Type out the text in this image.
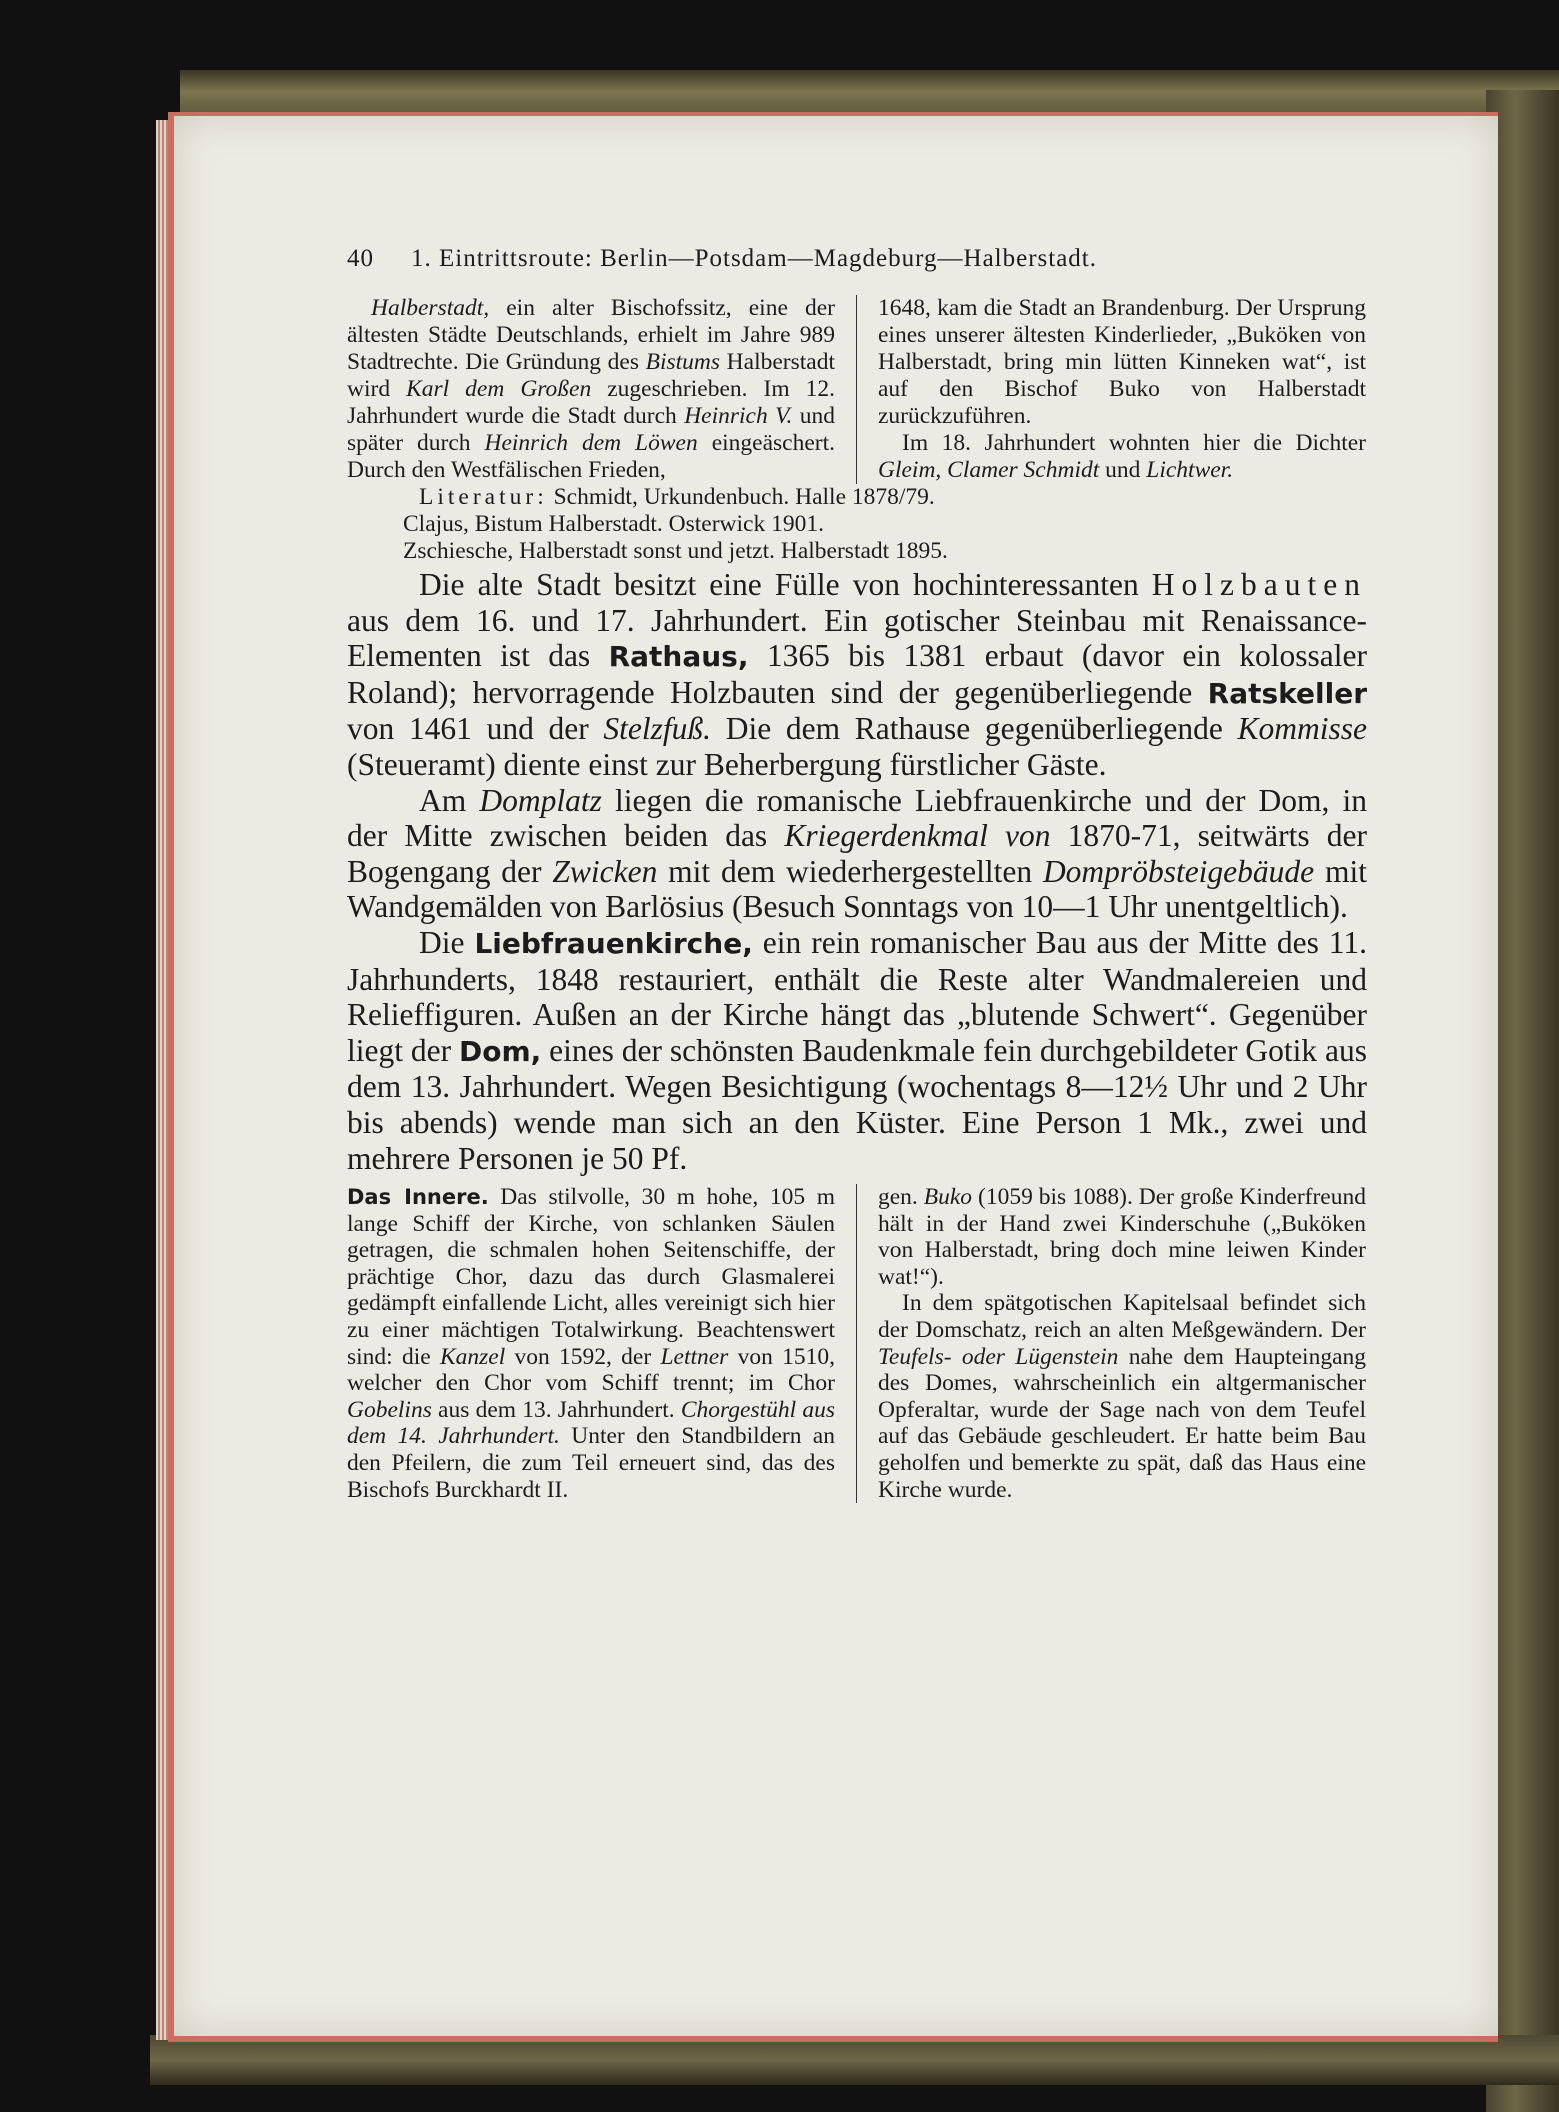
40	1. Eintrittsroute: Berlin—Potsdam—Magdeburg—Halberstadt.

Halberstadt, ein alter Bischofssitz, eine der ältesten Städte Deutschlands, erhielt im Jahre 989 Stadtrechte. Die Gründung des Bistums Halberstadt wird Karl dem Großen zugeschrieben. Im 12. Jahrhundert wurde die Stadt durch Heinrich V. und später durch Heinrich dem Löwen eingeäschert. Durch den Westfälischen Frieden,

1648, kam die Stadt an Brandenburg. Der Ursprung eines unserer ältesten Kinderlieder, „Buköken von Halberstadt, bring min lütten Kinneken wat“, ist auf den Bischof Buko von Halberstadt zurückzuführen.

Im 18. Jahrhundert wohnten hier die Dichter Gleim, Clamer Schmidt und Lichtwer.

Literatur: Schmidt, Urkundenbuch. Halle 1878/79.
Clajus, Bistum Halberstadt. Osterwick 1901.
Zschiesche, Halberstadt sonst und jetzt. Halberstadt 1895.

Die alte Stadt besitzt eine Fülle von hochinteressanten Holzbauten aus dem 16. und 17. Jahrhundert. Ein gotischer Steinbau mit Renaissance-Elementen ist das Rathaus, 1365 bis 1381 erbaut (davor ein kolossaler Roland); hervorragende Holzbauten sind der gegenüberliegende Ratskeller von 1461 und der Stelzfuß. Die dem Rathause gegenüberliegende Kommisse (Steueramt) diente einst zur Beherbergung fürstlicher Gäste.

Am Domplatz liegen die romanische Liebfrauenkirche und der Dom, in der Mitte zwischen beiden das Kriegerdenkmal von 1870-71, seitwärts der Bogengang der Zwicken mit dem wiederhergestellten Dompröbsteigebäude mit Wandgemälden von Barlösius (Besuch Sonntags von 10—1 Uhr unentgeltlich).

Die Liebfrauenkirche, ein rein romanischer Bau aus der Mitte des 11. Jahrhunderts, 1848 restauriert, enthält die Reste alter Wandmalereien und Relieffiguren. Außen an der Kirche hängt das „blutende Schwert“. Gegenüber liegt der Dom, eines der schönsten Baudenkmale fein durchgebildeter Gotik aus dem 13. Jahrhundert. Wegen Besichtigung (wochentags 8—12½ Uhr und 2 Uhr bis abends) wende man sich an den Küster. Eine Person 1 Mk., zwei und mehrere Personen je 50 Pf.

Das Innere. Das stilvolle, 30 m hohe, 105 m lange Schiff der Kirche, von schlanken Säulen getragen, die schmalen hohen Seitenschiffe, der prächtige Chor, dazu das durch Glasmalerei gedämpft einfallende Licht, alles vereinigt sich hier zu einer mächtigen Totalwirkung. Beachtenswert sind: die Kanzel von 1592, der Lettner von 1510, welcher den Chor vom Schiff trennt; im Chor Gobelins aus dem 13. Jahrhundert. Chorgestühl aus dem 14. Jahrhundert. Unter den Standbildern an den Pfeilern, die zum Teil erneuert sind, das des Bischofs Burckhardt II.

gen. Buko (1059 bis 1088). Der große Kinderfreund hält in der Hand zwei Kinderschuhe („Buköken von Halberstadt, bring doch mine leiwen Kinder wat!“).

In dem spätgotischen Kapitelsaal befindet sich der Domschatz, reich an alten Meßgewändern. Der Teufels- oder Lügenstein nahe dem Haupteingang des Domes, wahrscheinlich ein altgermanischer Opferaltar, wurde der Sage nach von dem Teufel auf das Gebäude geschleudert. Er hatte beim Bau geholfen und bemerkte zu spät, daß das Haus eine Kirche wurde.
